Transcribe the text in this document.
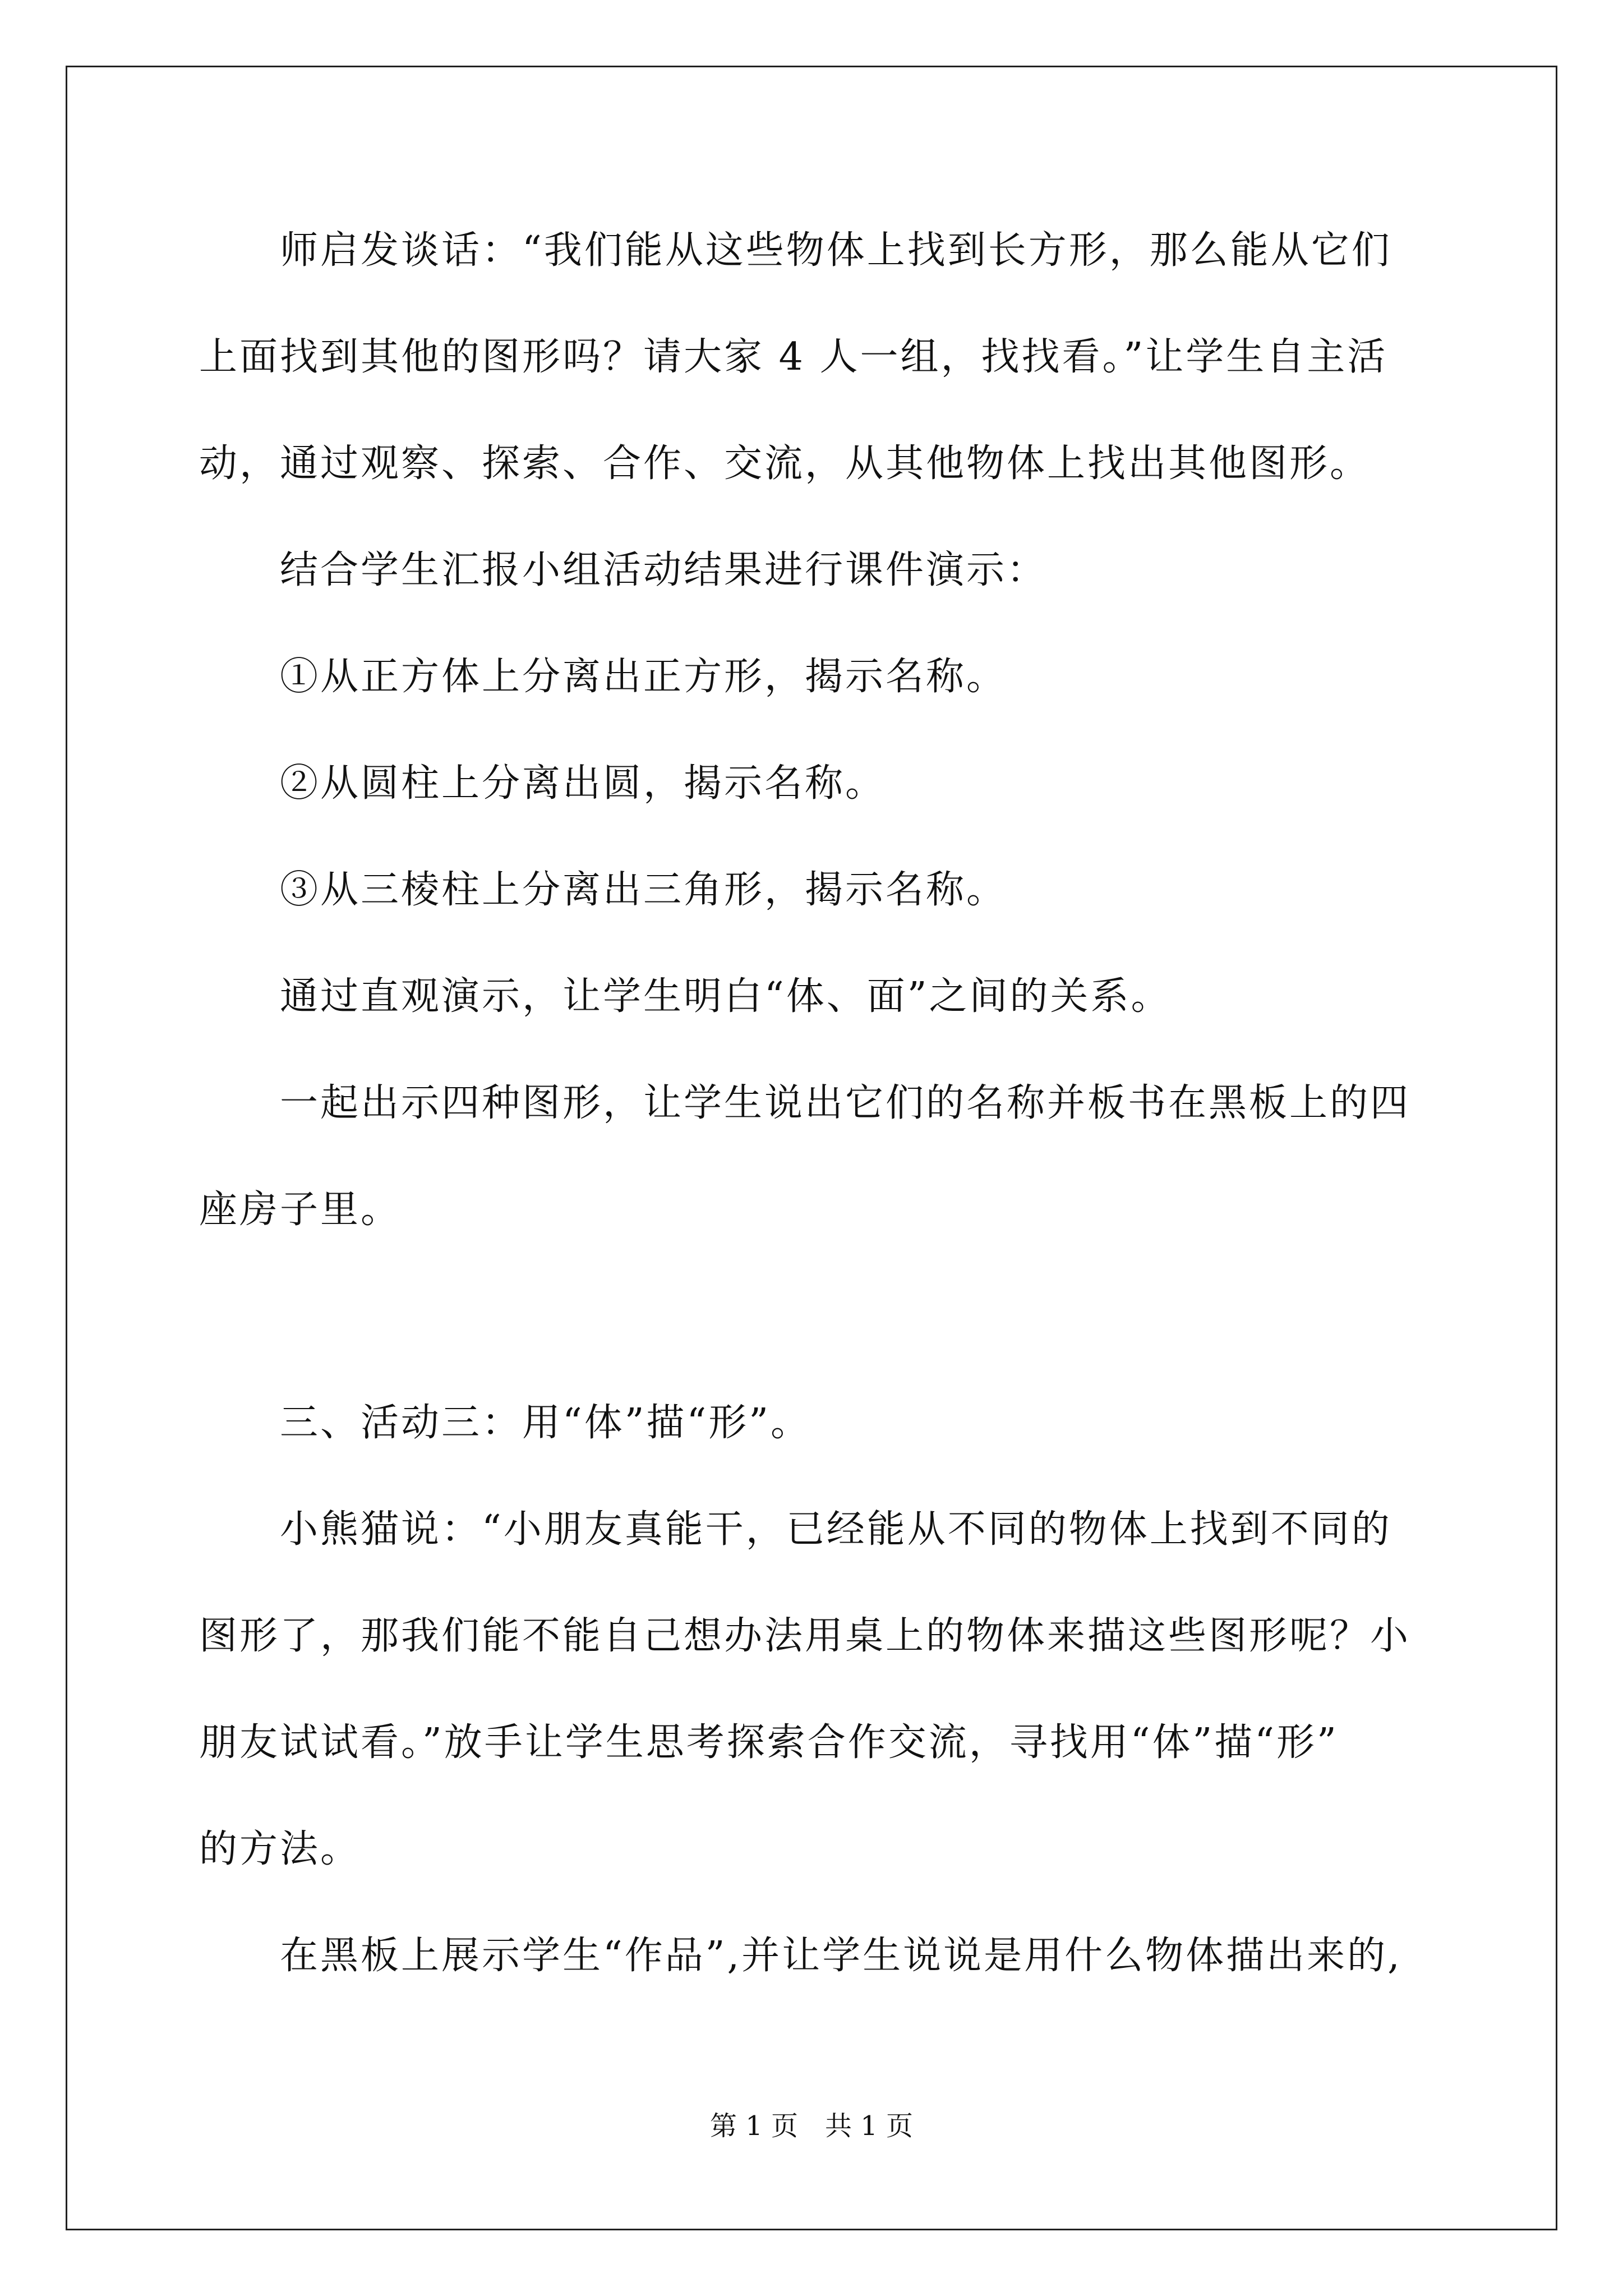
　　师启发谈话：“我们能从这些物体上找到长方形，那么能从它们
上面找到其他的图形吗？请大家 4 人一组，找找看。”让学生自主活
动，通过观察、探索、合作、交流，从其他物体上找出其他图形。
　　结合学生汇报小组活动结果进行课件演示：
　　①从正方体上分离出正方形，揭示名称。
　　②从圆柱上分离出圆，揭示名称。
　　③从三棱柱上分离出三角形，揭示名称。
　　通过直观演示，让学生明白“体、面”之间的关系。
　　一起出示四种图形，让学生说出它们的名称并板书在黑板上的四
座房子里。
　　三、活动三：用“体”描“形”。
　　小熊猫说：“小朋友真能干，已经能从不同的物体上找到不同的
图形了，那我们能不能自己想办法用桌上的物体来描这些图形呢？小
朋友试试看。”放手让学生思考探索合作交流，寻找用“体”描“形”
的方法。
　　在黑板上展示学生“作品”,并让学生说说是用什么物体描出来的,
第 1 页　共 1 页
